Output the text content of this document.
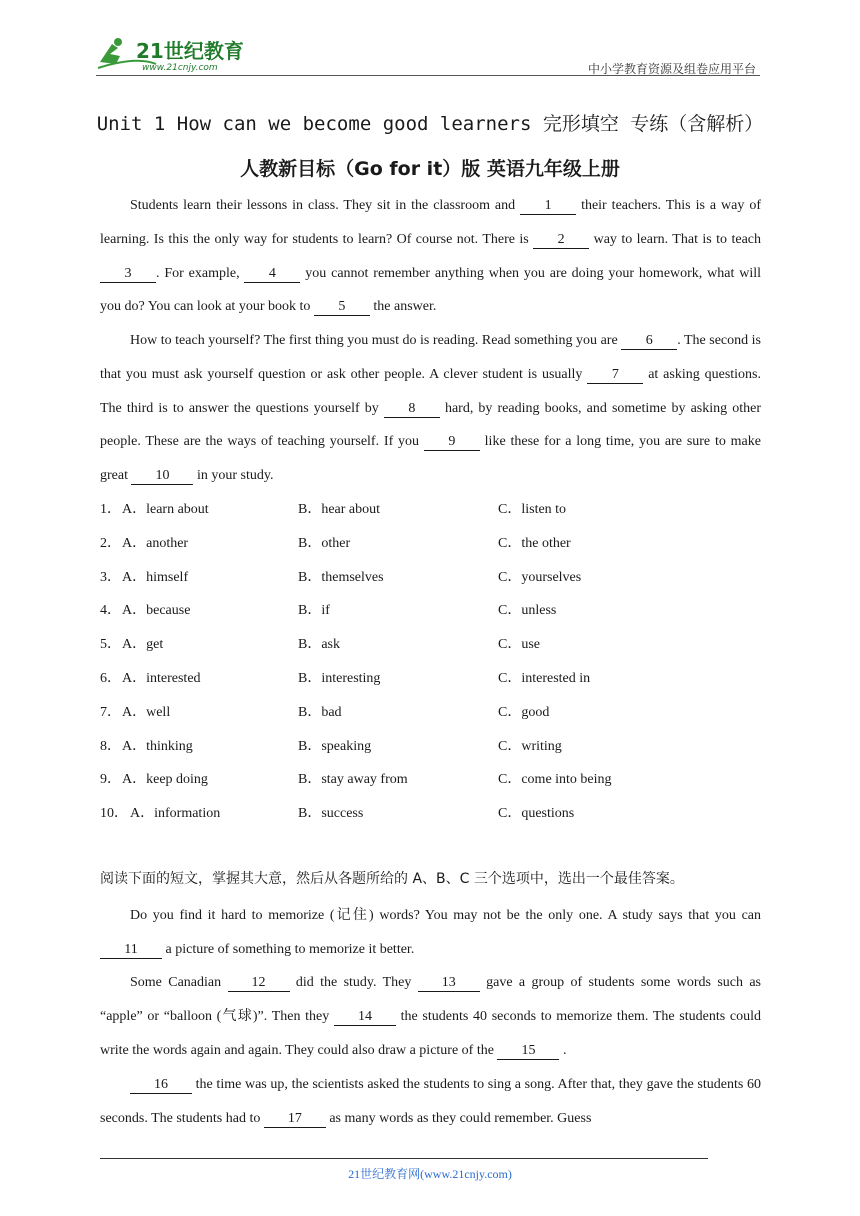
21世纪教育
www.21cnjy.com	中小学教育资源及组卷应用平台
Unit 1 How can we become good learners 完形填空 专练（含解析）
人教新目标（Go for it）版 英语九年级上册
Students learn their lessons in class. They sit in the classroom and 1 their teachers. This is a way of learning. Is this the only way for students to learn? Of course not. There is 2 way to learn. That is to teach 3 . For example, 4 you cannot remember anything when you are doing your homework, what will you do? You can look at your book to 5 the answer.
How to teach yourself? The first thing you must do is reading. Read something you are 6 . The second is that you must ask yourself question or ask other people. A clever student is usually 7 at asking questions. The third is to answer the questions yourself by 8 hard, by reading books, and sometime by asking other people. These are the ways of teaching yourself. If you 9 like these for a long time, you are sure to make great 10 in your study.
1． A．learn about	B．hear about	C．listen to
2． A．another	B．other	C．the other
3． A．himself	B．themselves	C．yourselves
4． A．because	B．if	C．unless
5． A．get	B．ask	C．use
6． A．interested	B．interesting	C．interested in
7． A．well	B．bad	C．good
8． A．thinking	B．speaking	C．writing
9． A．keep doing	B．stay away from	C．come into being
10． A．information	B．success	C．questions
阅读下面的短文，掌握其大意，然后从各题所给的 A、B、C 三个选项中，选出一个最佳答案。
Do you find it hard to memorize (记住) words? You may not be the only one. A study says that you can 11 a picture of something to memorize it better.
Some Canadian 12 did the study. They 13 gave a group of students some words such as “apple” or “balloon (气球)”. Then they 14 the students 40 seconds to memorize them. The students could write the words again and again. They could also draw a picture of the 15 .
16 the time was up, the scientists asked the students to sing a song. After that, they gave the students 60 seconds. The students had to 17 as many words as they could remember. Guess
21世纪教育网(www.21cnjy.com)
